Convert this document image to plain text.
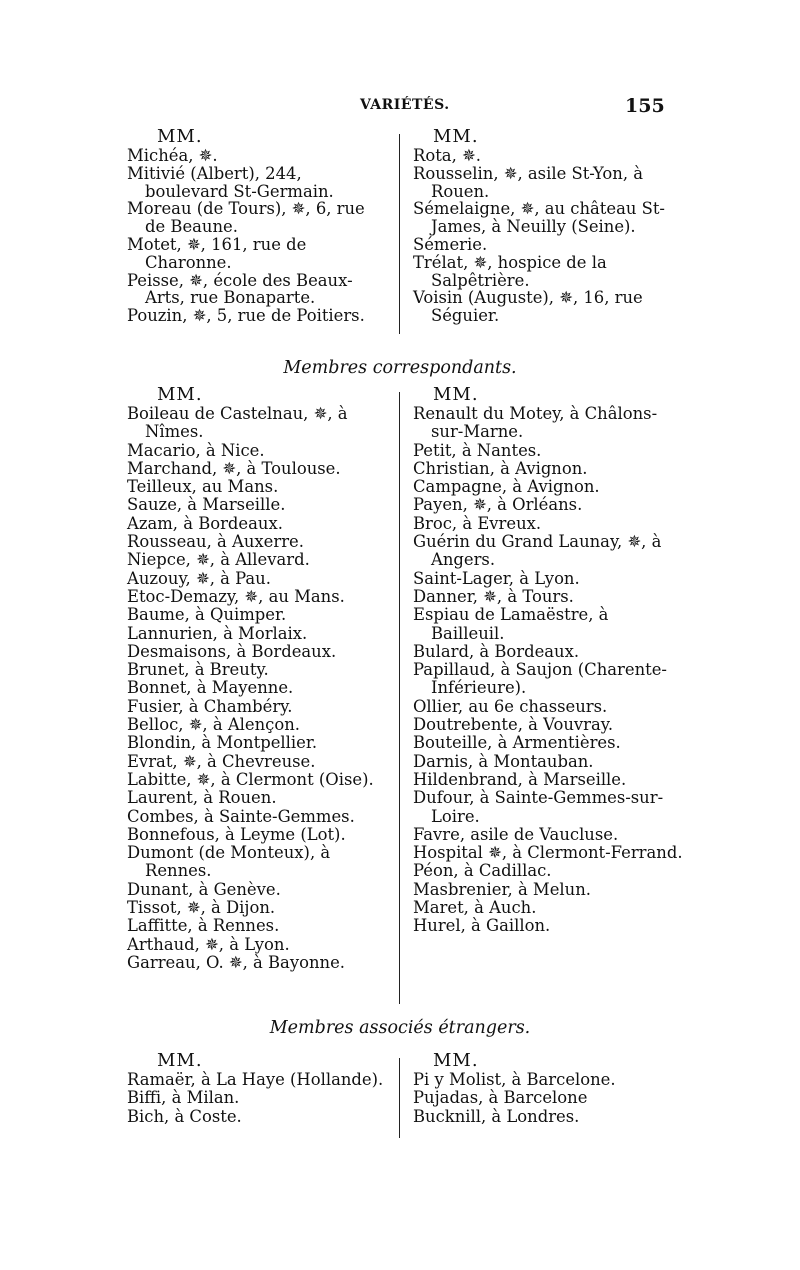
VARIÉTÉS.	155
MM.
Michéa, ✵.
Mitivié (Albert), 244, boulevard St-Germain.
Moreau (de Tours), ✵, 6, rue de Beaune.
Motet, ✵, 161, rue de Charonne.
Peisse, ✵, école des Beaux-Arts, rue Bonaparte.
Pouzin, ✵, 5, rue de Poitiers.
MM.
Rota, ✵.
Rousselin, ✵, asile St-Yon, à Rouen.
Sémelaigne, ✵, au château St-James, à Neuilly (Seine).
Sémerie.
Trélat, ✵, hospice de la Salpêtrière.
Voisin (Auguste), ✵, 16, rue Séguier.
Membres correspondants.
MM.
Boileau de Castelnau, ✵, à Nîmes.
Macario, à Nice.
Marchand, ✵, à Toulouse.
Teilleux, au Mans.
Sauze, à Marseille.
Azam, à Bordeaux.
Rousseau, à Auxerre.
Niepce, ✵, à Allevard.
Auzouy, ✵, à Pau.
Etoc-Demazy, ✵, au Mans.
Baume, à Quimper.
Lannurien, à Morlaix.
Desmaisons, à Bordeaux.
Brunet, à Breuty.
Bonnet, à Mayenne.
Fusier, à Chambéry.
Belloc, ✵, à Alençon.
Blondin, à Montpellier.
Evrat, ✵, à Chevreuse.
Labitte, ✵, à Clermont (Oise).
Laurent, à Rouen.
Combes, à Sainte-Gemmes.
Bonnefous, à Leyme (Lot).
Dumont (de Monteux), à Rennes.
Dunant, à Genève.
Tissot, ✵, à Dijon.
Laffitte, à Rennes.
Arthaud, ✵, à Lyon.
Garreau, O. ✵, à Bayonne.
MM.
Renault du Motey, à Châlons-sur-Marne.
Petit, à Nantes.
Christian, à Avignon.
Campagne, à Avignon.
Payen, ✵, à Orléans.
Broc, à Evreux.
Guérin du Grand Launay, ✵, à Angers.
Saint-Lager, à Lyon.
Danner, ✵, à Tours.
Espiau de Lamaëstre, à Bailleuil.
Bulard, à Bordeaux.
Papillaud, à Saujon (Charente-Inférieure).
Ollier, au 6e chasseurs.
Doutrebente, à Vouvray.
Bouteille, à Armentières.
Darnis, à Montauban.
Hildenbrand, à Marseille.
Dufour, à Sainte-Gemmes-sur-Loire.
Favre, asile de Vaucluse.
Hospital ✵, à Clermont-Ferrand.
Péon, à Cadillac.
Masbrenier, à Melun.
Maret, à Auch.
Hurel, à Gaillon.
Membres associés étrangers.
MM.
Ramaër, à La Haye (Hollande).
Biffi, à Milan.
Bich, à Coste.
MM.
Pi y Molist, à Barcelone.
Pujadas, à Barcelone
Bucknill, à Londres.
